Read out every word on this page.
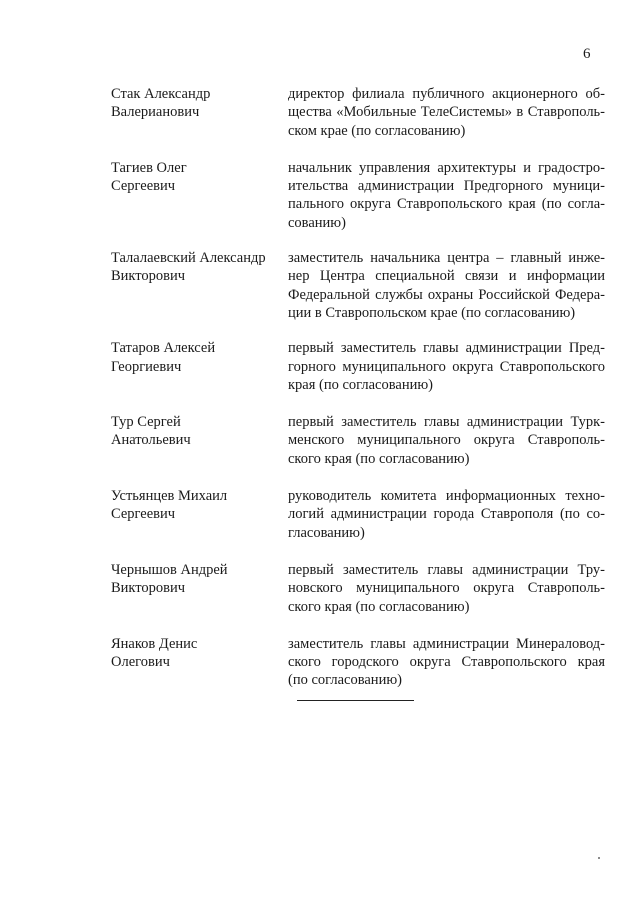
6
Стак Александр
Валерианович
директор филиала публичного акционерного об-
щества «Мобильные ТелеСистемы» в Ставрополь-
ском крае (по согласованию)
Тагиев Олег
Сергеевич
начальник управления архитектуры и градостро-
ительства администрации Предгорного муници-
пального округа Ставропольского края (по согла-
сованию)
Талалаевский Александр
Викторович
заместитель начальника центра – главный инже-
нер Центра специальной связи и информации
Федеральной службы охраны Российской Федера-
ции в Ставропольском крае (по согласованию)
Татаров Алексей
Георгиевич
первый заместитель главы администрации Пред-
горного муниципального округа Ставропольского
края (по согласованию)
Тур Сергей
Анатольевич
первый заместитель главы администрации Турк-
менского муниципального округа Ставрополь-
ского края (по согласованию)
Устьянцев Михаил
Сергеевич
руководитель комитета информационных техно-
логий администрации города Ставрополя (по со-
гласованию)
Чернышов Андрей
Викторович
первый заместитель главы администрации Тру-
новского муниципального округа Ставрополь-
ского края (по согласованию)
Янаков Денис
Олегович
заместитель главы администрации Минераловод-
ского городского округа Ставропольского края
(по согласованию)
